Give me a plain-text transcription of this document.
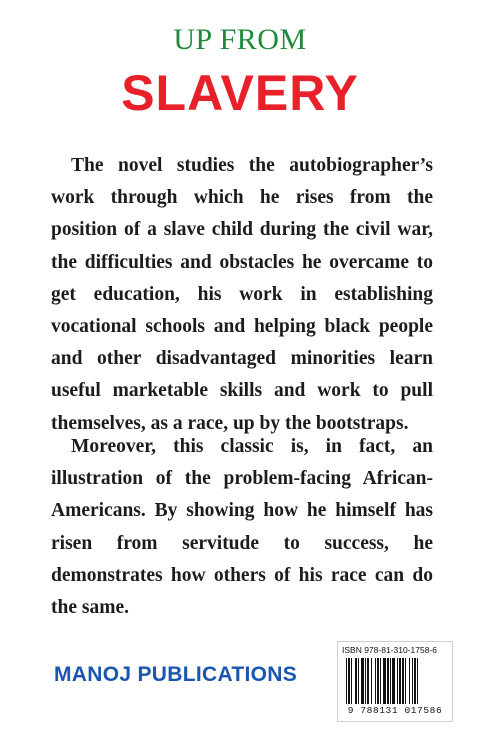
UP FROM
SLAVERY

The novel studies the autobiographer’s work through which he rises from the position of a slave child during the civil war, the difficulties and obstacles he overcame to get education, his work in establishing vocational schools and helping black people and other disadvantaged minorities learn useful marketable skills and work to pull themselves, as a race, up by the bootstraps.

Moreover, this classic is, in fact, an illustration of the problem-facing African-Americans. By showing how he himself has risen from servitude to success, he demonstrates how others of his race can do the same.

MANOJ PUBLICATIONS
ISBN 978-81-310-1758-6
9 788131 017586
